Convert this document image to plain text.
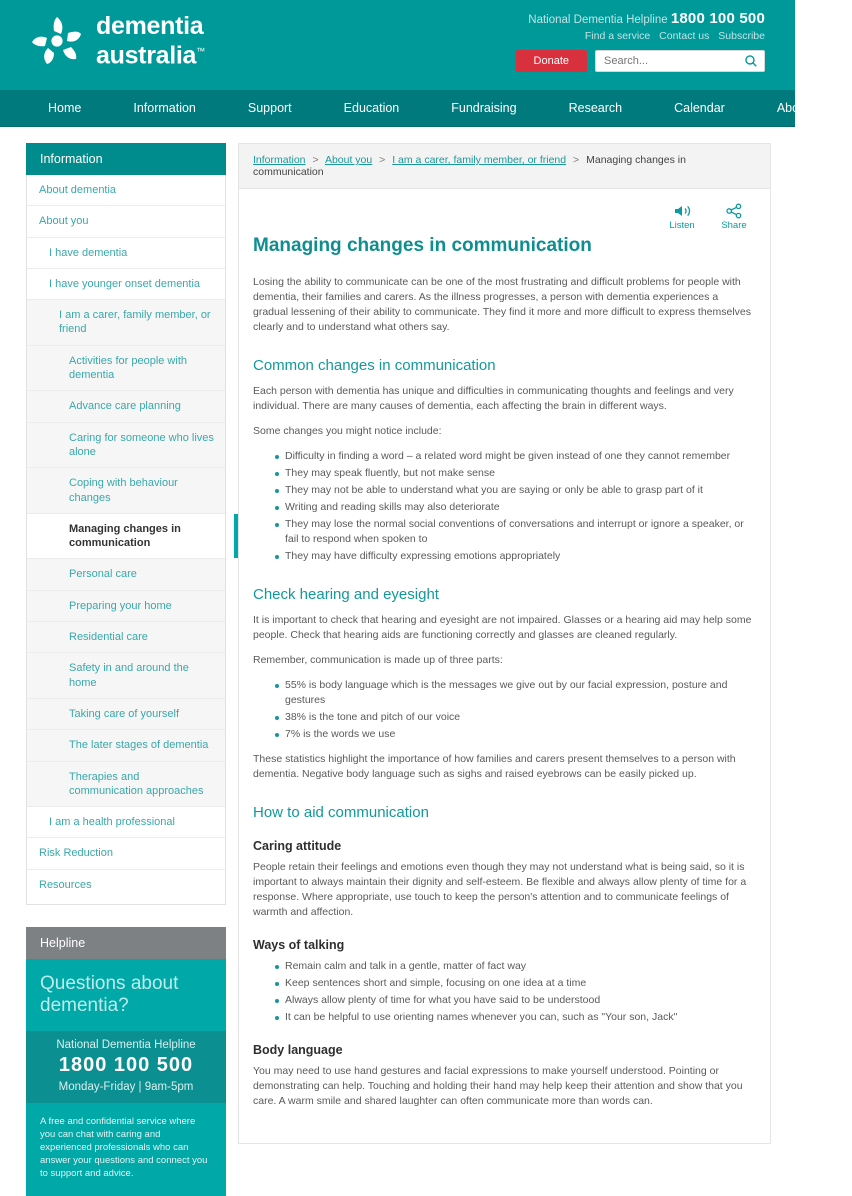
dementia
australia™
National Dementia Helpline 1800 100 500
Find a service Contact us Subscribe
Donate
Search...
Home	Information	Support	Education	Fundraising	Research	Calendar	About us
Information
About dementia
About you
I have dementia
I have younger onset dementia
I am a carer, family member, or friend
Activities for people with dementia
Advance care planning
Caring for someone who lives alone
Coping with behaviour changes
Managing changes in communication
Personal care
Preparing your home
Residential care
Safety in and around the home
Taking care of yourself
The later stages of dementia
Therapies and communication approaches
I am a health professional
Risk Reduction
Resources
Helpline
Questions about dementia?
National Dementia Helpline
1800 100 500
Monday-Friday | 9am-5pm
A free and confidential service where you can chat with caring and experienced professionals who can answer your questions and connect you to support and advice.
Information > About you > I am a carer, family member, or friend > Managing changes in communication
Listen	Share
Managing changes in communication

Losing the ability to communicate can be one of the most frustrating and difficult problems for people with dementia, their families and carers. As the illness progresses, a person with dementia experiences a gradual lessening of their ability to communicate. They find it more and more difficult to express themselves clearly and to understand what others say.

Common changes in communication

Each person with dementia has unique and difficulties in communicating thoughts and feelings and very individual. There are many causes of dementia, each affecting the brain in different ways.

Some changes you might notice include:

Difficulty in finding a word – a related word might be given instead of one they cannot remember
They may speak fluently, but not make sense
They may not be able to understand what you are saying or only be able to grasp part of it
Writing and reading skills may also deteriorate
They may lose the normal social conventions of conversations and interrupt or ignore a speaker, or fail to respond when spoken to
They may have difficulty expressing emotions appropriately
Check hearing and eyesight

It is important to check that hearing and eyesight are not impaired. Glasses or a hearing aid may help some people. Check that hearing aids are functioning correctly and glasses are cleaned regularly.

Remember, communication is made up of three parts:

55% is body language which is the messages we give out by our facial expression, posture and gestures
38% is the tone and pitch of our voice
7% is the words we use

These statistics highlight the importance of how families and carers present themselves to a person with dementia. Negative body language such as sighs and raised eyebrows can be easily picked up.

How to aid communication
Caring attitude

People retain their feelings and emotions even though they may not understand what is being said, so it is important to always maintain their dignity and self-esteem. Be flexible and always allow plenty of time for a response. Where appropriate, use touch to keep the person's attention and to communicate feelings of warmth and affection.

Ways of talking
Remain calm and talk in a gentle, matter of fact way
Keep sentences short and simple, focusing on one idea at a time
Always allow plenty of time for what you have said to be understood
It can be helpful to use orienting names whenever you can, such as "Your son, Jack"
Body language

You may need to use hand gestures and facial expressions to make yourself understood. Pointing or demonstrating can help. Touching and holding their hand may help keep their attention and show that you care. A warm smile and shared laughter can often communicate more than words can.
